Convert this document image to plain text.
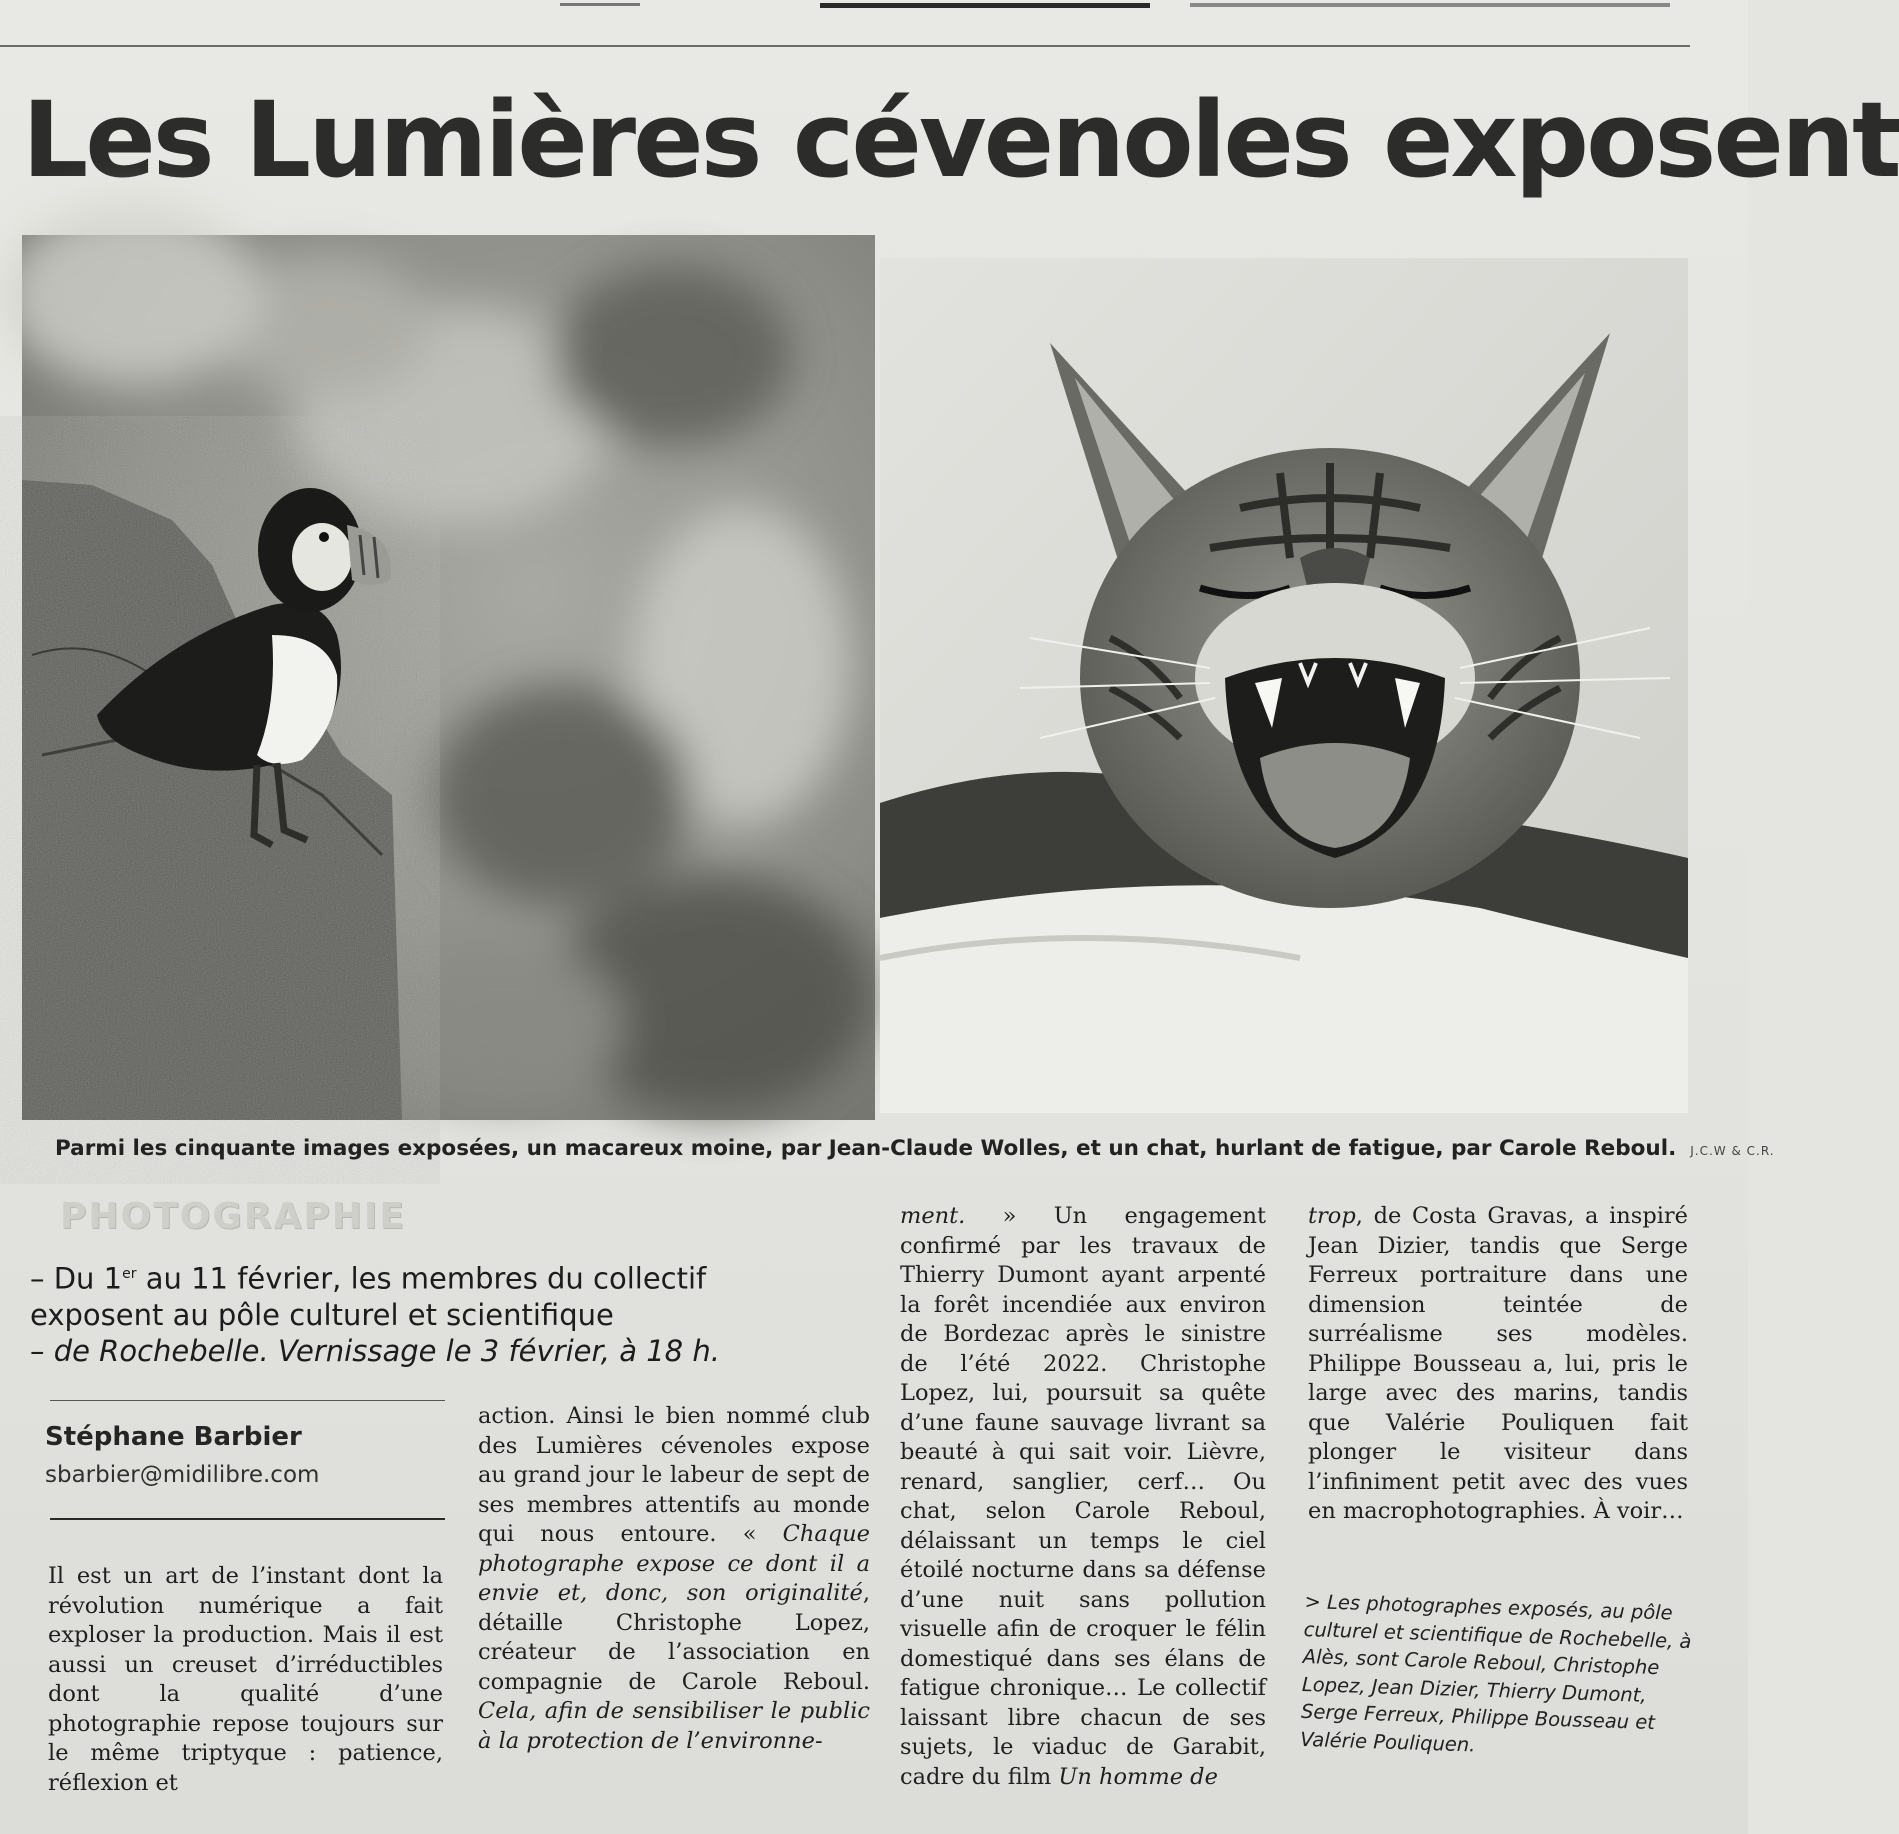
Les Lumières cévenoles exposent
Parmi les cinquante images exposées, un macareux moine, par Jean-Claude Wolles, et un chat, hurlant de fatigue, par Carole Reboul. J.C.W & C.R.
PHOTOGRAPHIE
– Du 1er au 11 février, les membres du collectif exposent au pôle culturel et scientifique
– de Rochebelle. Vernissage le 3 février, à 18 h.
Stéphane Barbier
sbarbier@midilibre.com

Il est un art de l’instant dont la révolution numérique a fait exploser la production. Mais il est aussi un creuset d’irréductibles dont la qualité d’une photographie repose toujours sur le même triptyque : patience, réflexion et

action. Ainsi le bien nommé club des Lumières cévenoles expose au grand jour le labeur de sept de ses membres attentifs au monde qui nous entoure. « Chaque photographe expose ce dont il a envie et, donc, son originalité, détaille Christophe Lopez, créateur de l’association en compagnie de Carole Reboul. Cela, afin de sensibiliser le public à la protection de l’environne-

ment. » Un engagement confirmé par les travaux de Thierry Dumont ayant arpenté la forêt incendiée aux environ de Bordezac après le sinistre de l’été 2022. Christophe Lopez, lui, poursuit sa quête d’une faune sauvage livrant sa beauté à qui sait voir. Lièvre, renard, sanglier, cerf… Ou chat, selon Carole Reboul, délaissant un temps le ciel étoilé nocturne dans sa défense d’une nuit sans pollution visuelle afin de croquer le félin domestiqué dans ses élans de fatigue chronique… Le collectif laissant libre chacun de ses sujets, le viaduc de Garabit, cadre du film Un homme de

trop, de Costa Gravas, a inspiré Jean Dizier, tandis que Serge Ferreux portraiture dans une dimension teintée de surréalisme ses modèles. Philippe Bousseau a, lui, pris le large avec des marins, tandis que Valérie Pouliquen fait plonger le visiteur dans l’infiniment petit avec des vues en macrophotographies. À voir…

> Les photographes exposés, au pôle culturel et scientifique de Rochebelle, à Alès, sont Carole Reboul, Christophe Lopez, Jean Dizier, Thierry Dumont, Serge Ferreux, Philippe Bousseau et Valérie Pouliquen.
